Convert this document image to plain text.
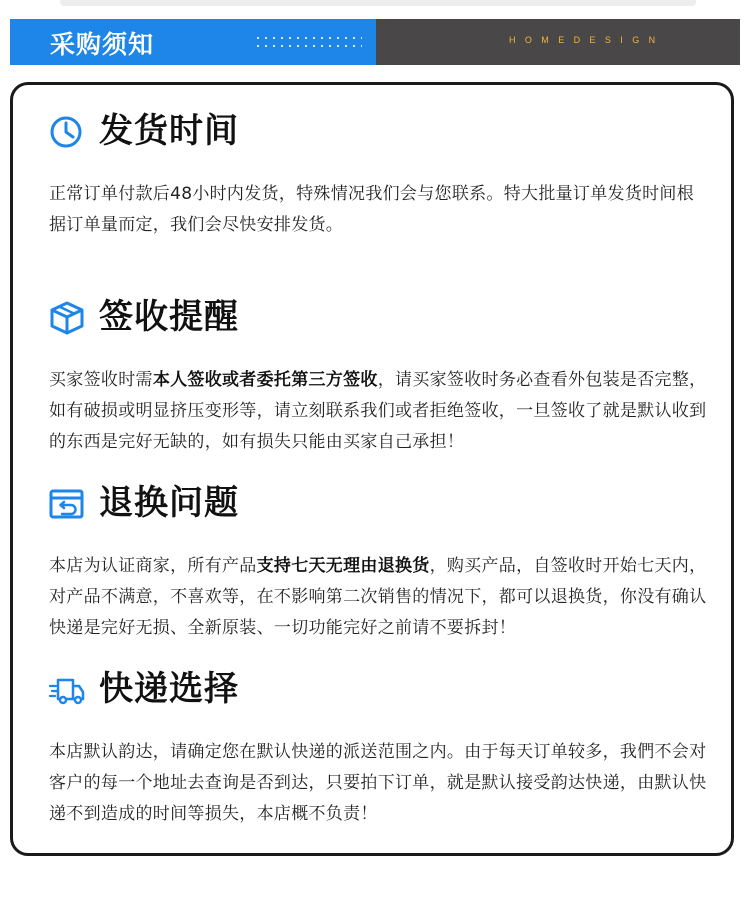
采购须知	HOMEDESIGN
发货时间
正常订单付款后48小时内发货，特殊情况我们会与您联系。特大批量订单发货时间根据订单量而定，我们会尽快安排发货。
签收提醒
买家签收时需本人签收或者委托第三方签收，请买家签收时务必查看外包装是否完整，如有破损或明显挤压变形等，请立刻联系我们或者拒绝签收，一旦签收了就是默认收到的东西是完好无缺的，如有损失只能由买家自己承担！
退换问题
本店为认证商家，所有产品支持七天无理由退换货，购买产品，自签收时开始七天内，对产品不满意，不喜欢等，在不影响第二次销售的情况下，都可以退换货，你没有确认快递是完好无损、全新原装、一切功能完好之前请不要拆封！
快递选择
本店默认韵达，请确定您在默认快递的派送范围之内。由于每天订单较多，我們不会对客户的每一个地址去查询是否到达，只要拍下订单，就是默认接受韵达快递，由默认快递不到造成的时间等损失，本店概不负责！
